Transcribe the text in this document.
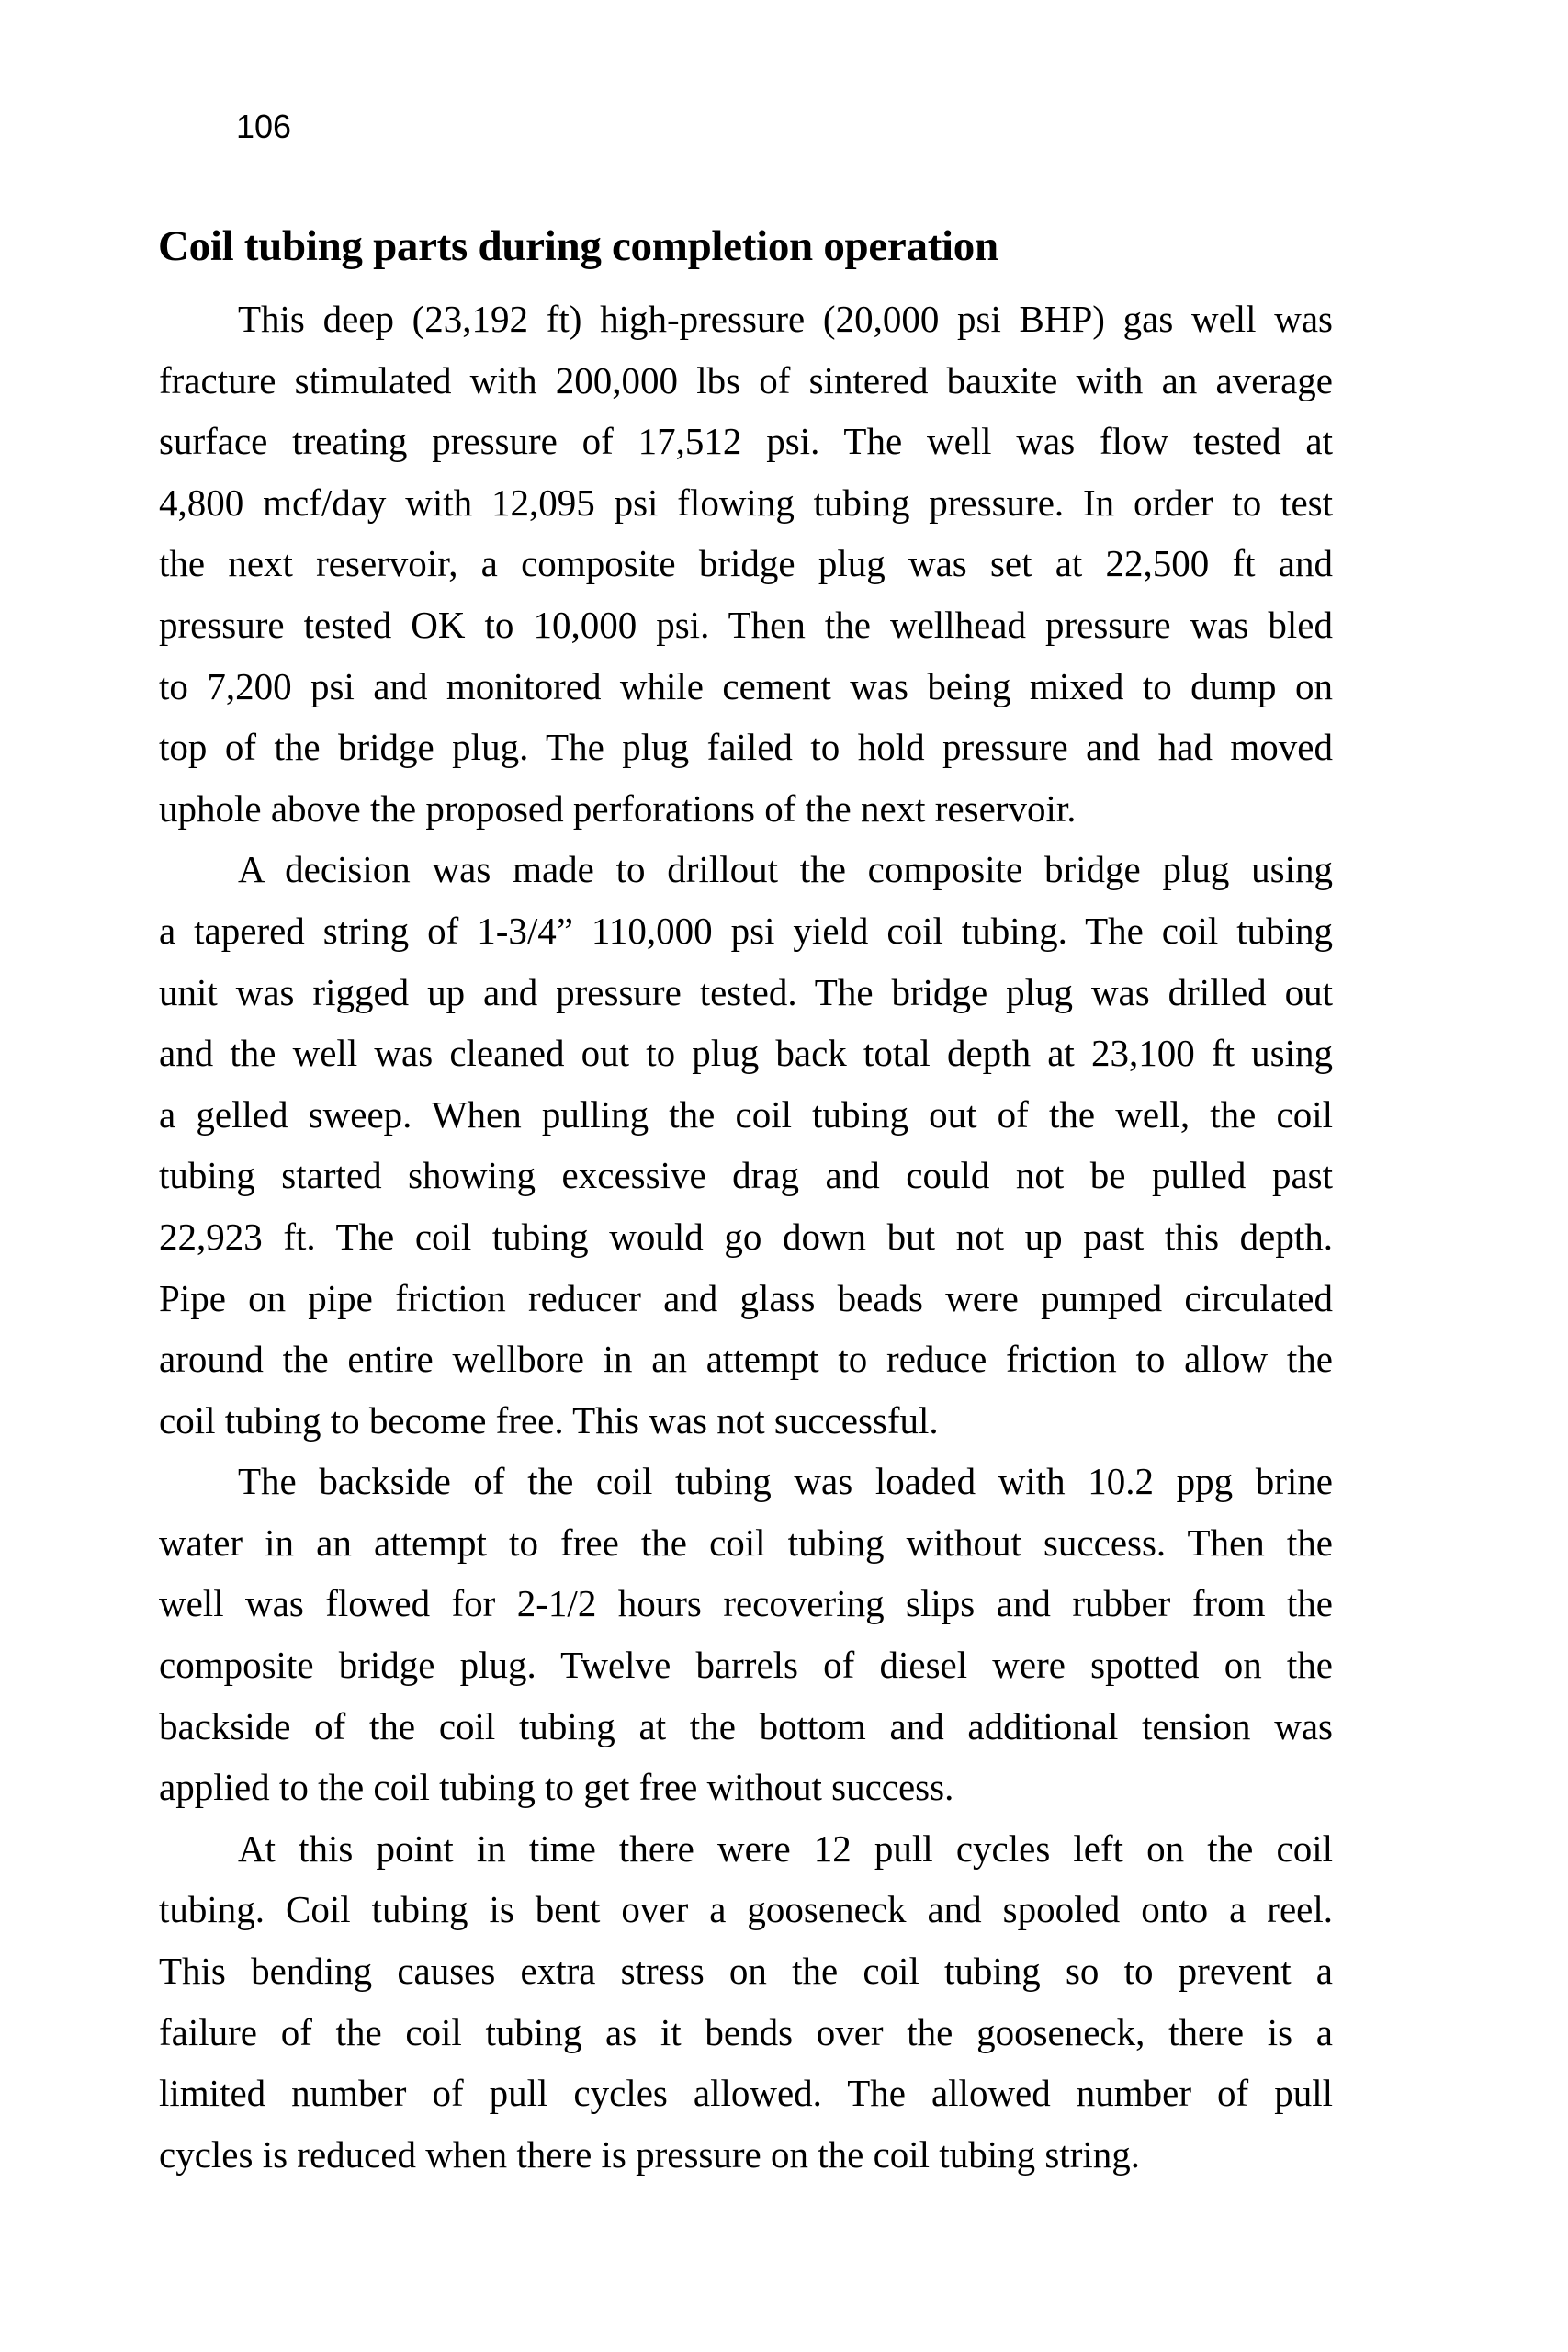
106
Coil tubing parts during completion operation
This deep (23,192 ft) high-pressure (20,000 psi BHP) gas well was
fracture stimulated with 200,000 lbs of sintered bauxite with an average
surface treating pressure of 17,512 psi. The well was flow tested at
4,800 mcf/day with 12,095 psi flowing tubing pressure. In order to test
the next reservoir, a composite bridge plug was set at 22,500 ft and
pressure tested OK to 10,000 psi. Then the wellhead pressure was bled
to 7,200 psi and monitored while cement was being mixed to dump on
top of the bridge plug. The plug failed to hold pressure and had moved
uphole above the proposed perforations of the next reservoir.
A decision was made to drillout the composite bridge plug using
a tapered string of 1-3/4” 110,000 psi yield coil tubing. The coil tubing
unit was rigged up and pressure tested. The bridge plug was drilled out
and the well was cleaned out to plug back total depth at 23,100 ft using
a gelled sweep. When pulling the coil tubing out of the well, the coil
tubing started showing excessive drag and could not be pulled past
22,923 ft. The coil tubing would go down but not up past this depth.
Pipe on pipe friction reducer and glass beads were pumped circulated
around the entire wellbore in an attempt to reduce friction to allow the
coil tubing to become free. This was not successful.
The backside of the coil tubing was loaded with 10.2 ppg brine
water in an attempt to free the coil tubing without success. Then the
well was flowed for 2-1/2 hours recovering slips and rubber from the
composite bridge plug. Twelve barrels of diesel were spotted on the
backside of the coil tubing at the bottom and additional tension was
applied to the coil tubing to get free without success.
At this point in time there were 12 pull cycles left on the coil
tubing. Coil tubing is bent over a gooseneck and spooled onto a reel.
This bending causes extra stress on the coil tubing so to prevent a
failure of the coil tubing as it bends over the gooseneck, there is a
limited number of pull cycles allowed. The allowed number of pull
cycles is reduced when there is pressure on the coil tubing string.
